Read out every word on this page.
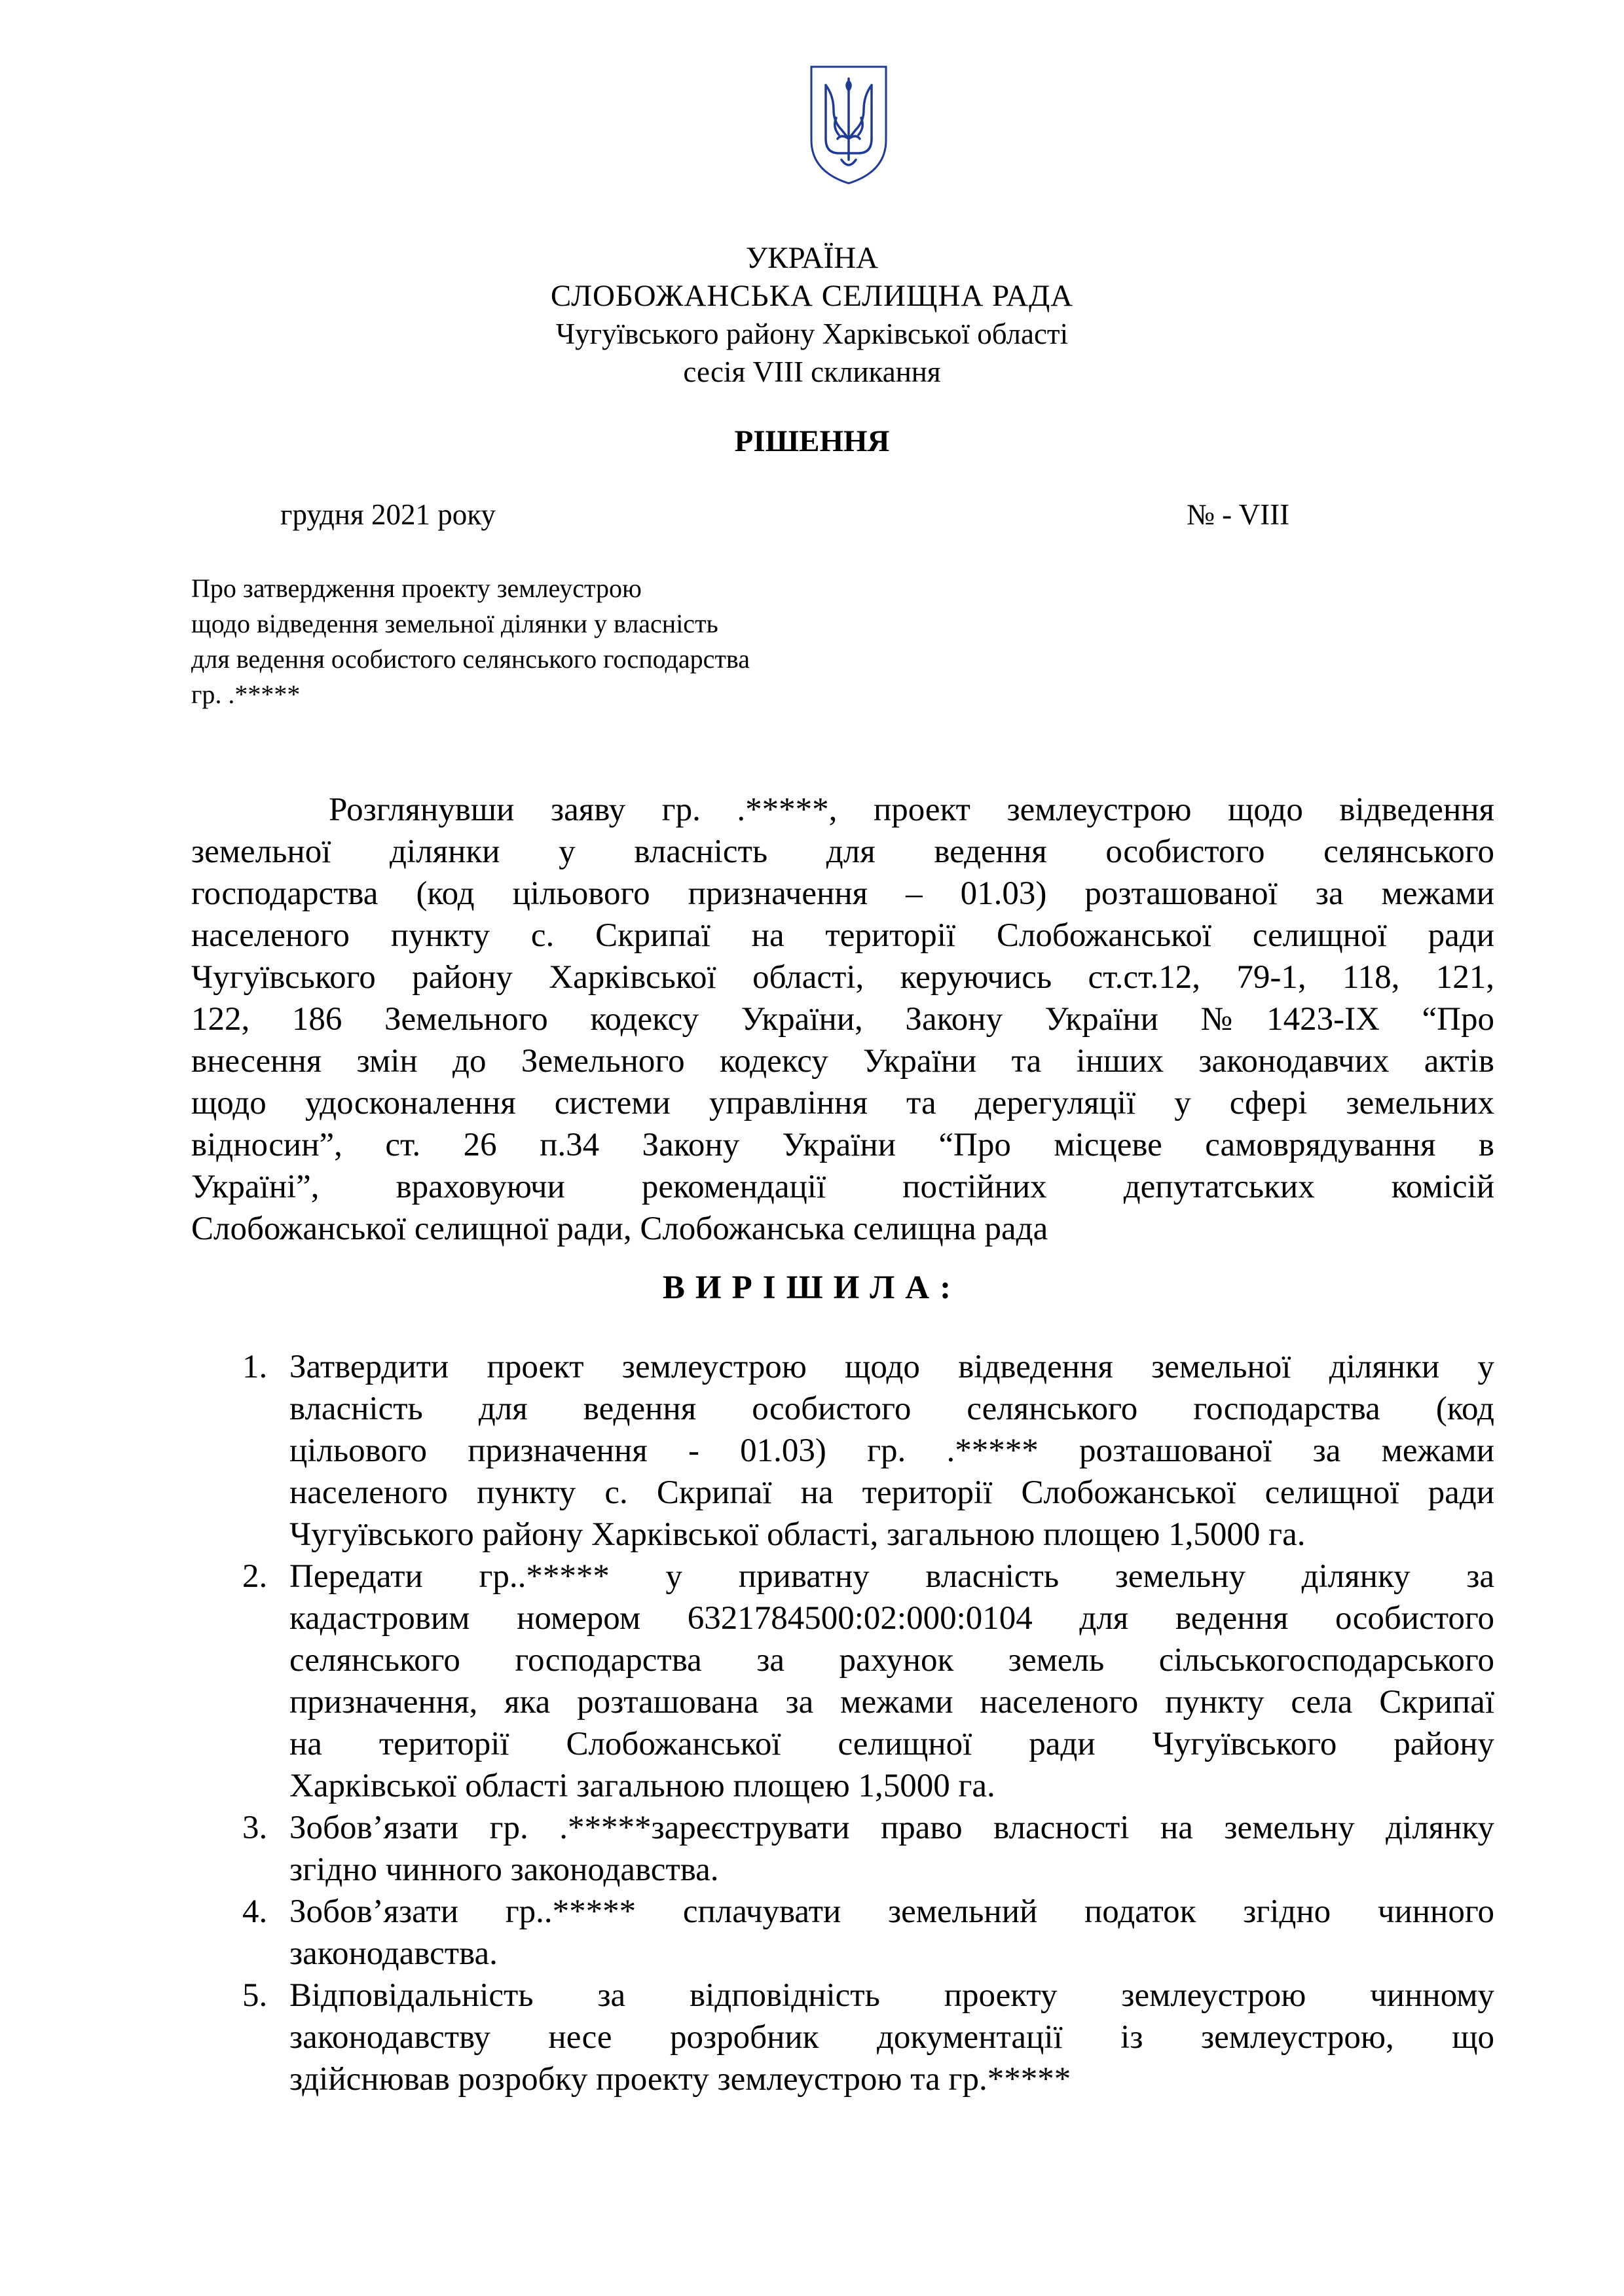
УКРАЇНА
СЛОБОЖАНСЬКА СЕЛИЩНА РАДА
Чугуївського району Харківської області
сесія VIII скликання
РІШЕННЯ
грудня 2021 року	№ - VIII
Про затвердження проекту землеустрою
щодо відведення земельної ділянки у власність
для ведення особистого селянського господарства
гр. .*****
Розглянувши заяву гр. .*****, проект землеустрою щодо відведення
земельної ділянки у власність для ведення особистого селянського
господарства (код цільового призначення – 01.03) розташованої за межами
населеного пункту с. Скрипаї на території Слобожанської селищної ради
Чугуївського району Харківської області, керуючись ст.ст.12, 79-1, 118, 121,
122, 186 Земельного кодексу України, Закону України №1423-IX “Про
внесення змін до Земельного кодексу України та інших законодавчих актів
щодо удосконалення системи управління та дерегуляції у сфері земельних
відносин”, ст. 26 п.34 Закону України “Про місцеве самоврядування в
Україні”, враховуючи рекомендації постійних депутатських комісій
Слобожанської селищної ради, Слобожанська селищна рада
ВИРІШИЛА:
1. Затвердити проект землеустрою щодо відведення земельної ділянки у
власність для ведення особистого селянського господарства (код
цільового призначення - 01.03) гр. .***** розташованої за межами
населеного пункту с. Скрипаї на території Слобожанської селищної ради
Чугуївського району Харківської області, загальною площею 1,5000 га.
2. Передати гр..***** у приватну власність земельну ділянку за
кадастровим номером 6321784500:02:000:0104 для ведення особистого
селянського господарства за рахунок земель сільськогосподарського
призначення, яка розташована за межами населеного пункту села Скрипаї
на території Слобожанської селищної ради Чугуївського району
Харківської області загальною площею 1,5000 га.
3. Зобов’язати гр. .*****зареєструвати право власності на земельну ділянку
згідно чинного законодавства.
4. Зобов’язати гр..***** сплачувати земельний податок згідно чинного
законодавства.
5. Відповідальність за відповідність проекту землеустрою чинному
законодавству несе розробник документації із землеустрою, що
здійснював розробку проекту землеустрою та гр.*****
